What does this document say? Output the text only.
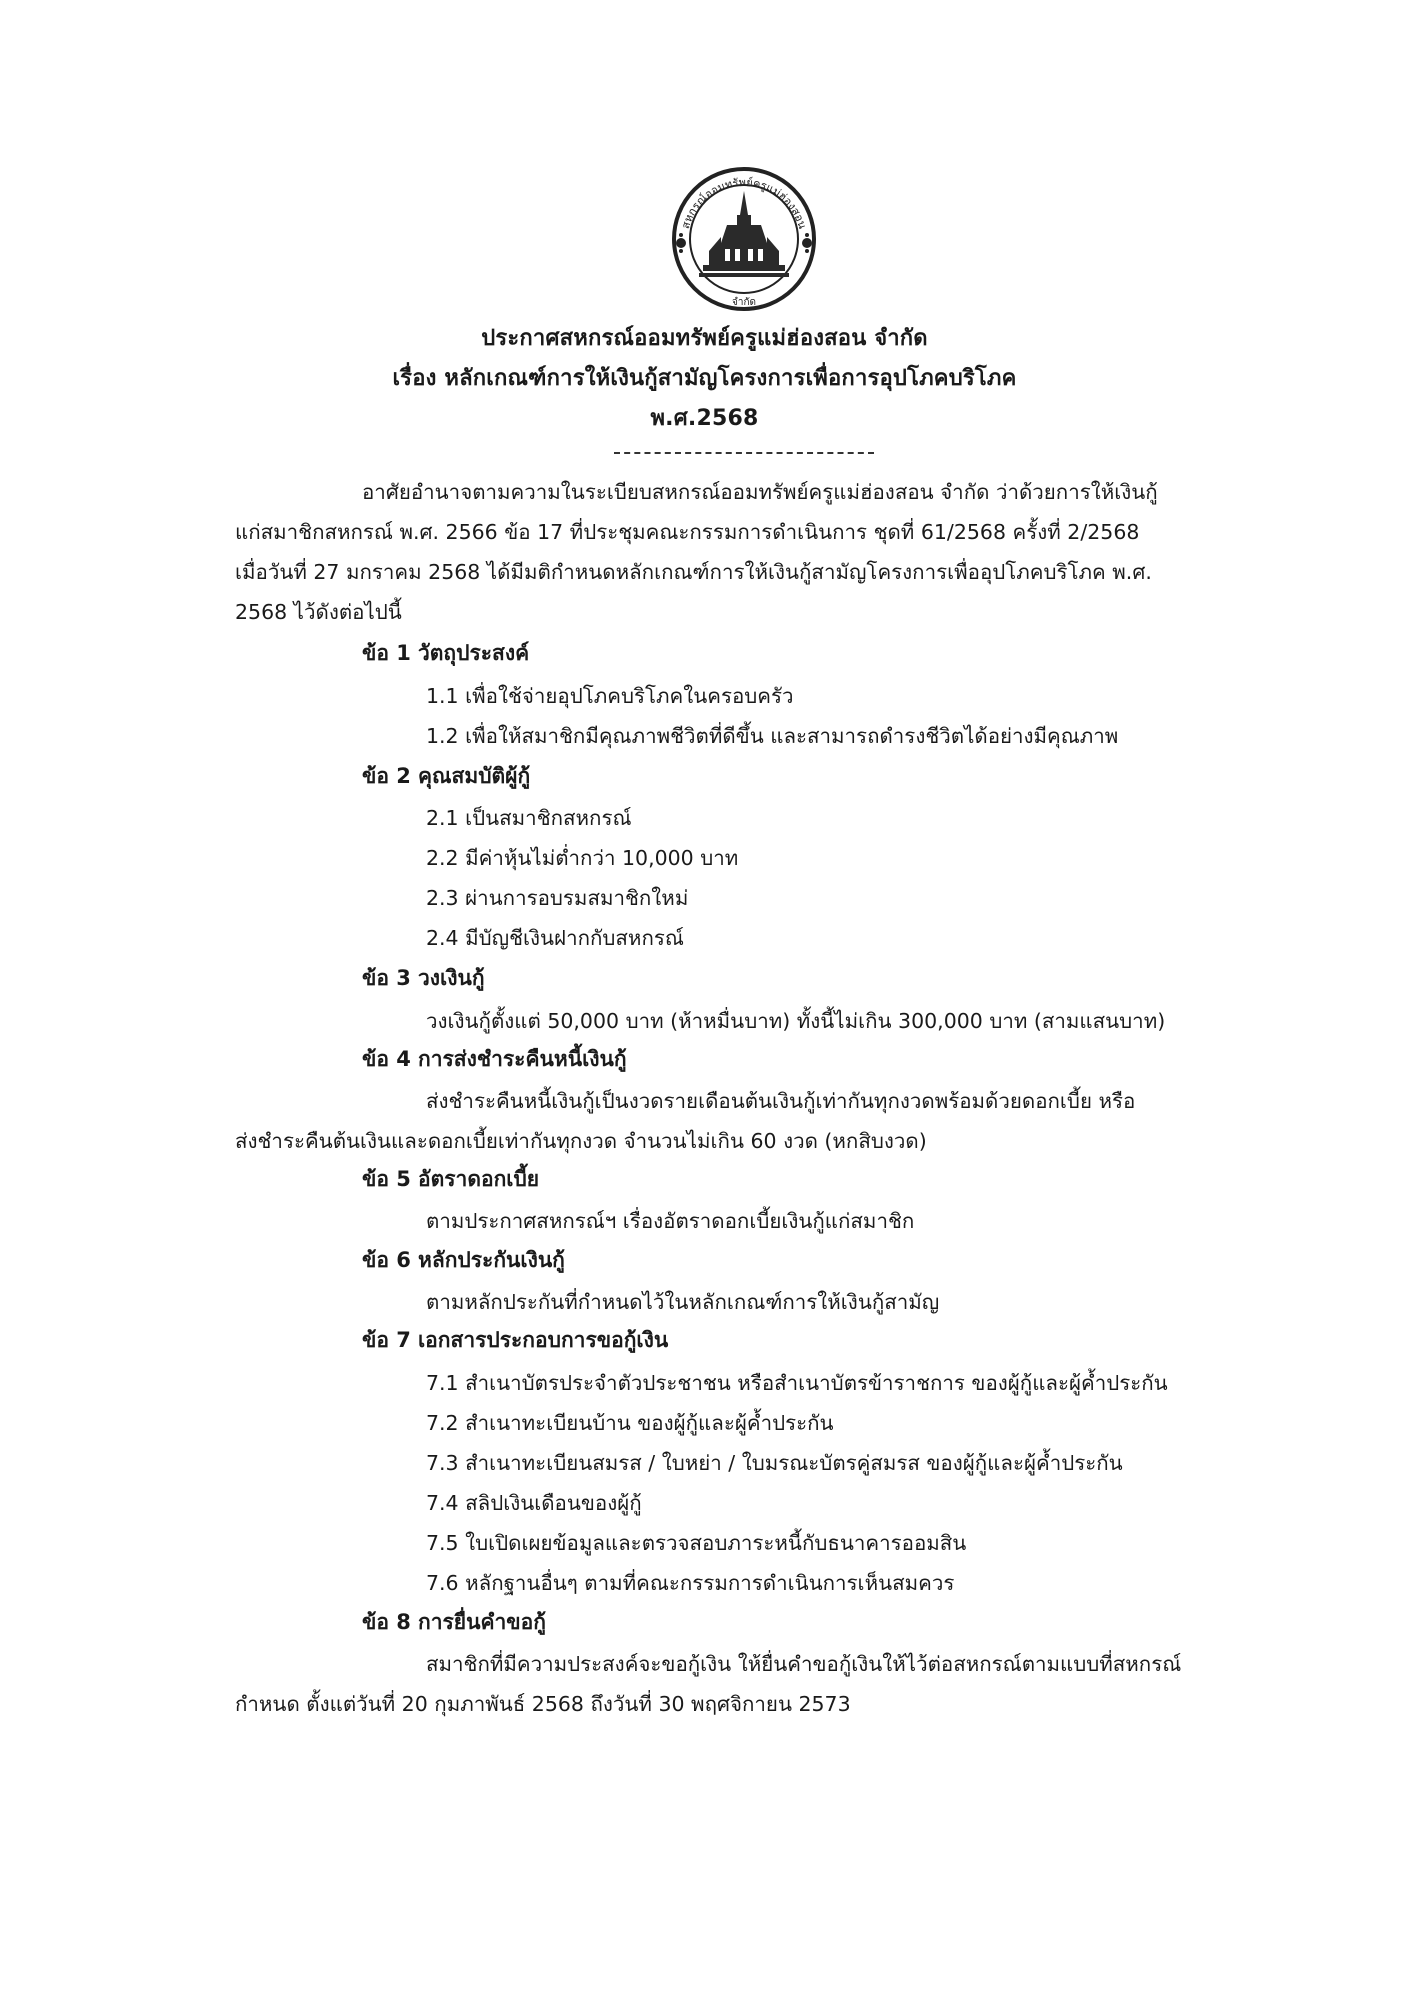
สหกรณ์ออมทรัพย์ครูแม่ฮ่องสอน
จำกัด
ประกาศสหกรณ์ออมทรัพย์ครูแม่ฮ่องสอน จำกัด
เรื่อง หลักเกณฑ์การให้เงินกู้สามัญโครงการเพื่อการอุปโภคบริโภค
พ.ศ.2568
อาศัยอำนาจตามความในระเบียบสหกรณ์ออมทรัพย์ครูแม่ฮ่องสอน จำกัด ว่าด้วยการให้เงินกู้
แก่สมาชิกสหกรณ์ พ.ศ. 2566 ข้อ 17 ที่ประชุมคณะกรรมการดำเนินการ ชุดที่ 61/2568 ครั้งที่ 2/2568
เมื่อวันที่ 27 มกราคม 2568 ได้มีมติกำหนดหลักเกณฑ์การให้เงินกู้สามัญโครงการเพื่ออุปโภคบริโภค พ.ศ.
2568 ไว้ดังต่อไปนี้
ข้อ 1 วัตถุประสงค์
1.1 เพื่อใช้จ่ายอุปโภคบริโภคในครอบครัว
1.2 เพื่อให้สมาชิกมีคุณภาพชีวิตที่ดีขึ้น และสามารถดำรงชีวิตได้อย่างมีคุณภาพ
ข้อ 2 คุณสมบัติผู้กู้
2.1 เป็นสมาชิกสหกรณ์
2.2 มีค่าหุ้นไม่ต่ำกว่า 10,000 บาท
2.3 ผ่านการอบรมสมาชิกใหม่
2.4 มีบัญชีเงินฝากกับสหกรณ์
ข้อ 3 วงเงินกู้
วงเงินกู้ตั้งแต่ 50,000 บาท (ห้าหมื่นบาท) ทั้งนี้ไม่เกิน 300,000 บาท (สามแสนบาท)
ข้อ 4 การส่งชำระคืนหนี้เงินกู้
ส่งชำระคืนหนี้เงินกู้เป็นงวดรายเดือนต้นเงินกู้เท่ากันทุกงวดพร้อมด้วยดอกเบี้ย หรือ
ส่งชำระคืนต้นเงินและดอกเบี้ยเท่ากันทุกงวด จำนวนไม่เกิน 60 งวด (หกสิบงวด)
ข้อ 5 อัตราดอกเบี้ย
ตามประกาศสหกรณ์ฯ เรื่องอัตราดอกเบี้ยเงินกู้แก่สมาชิก
ข้อ 6 หลักประกันเงินกู้
ตามหลักประกันที่กำหนดไว้ในหลักเกณฑ์การให้เงินกู้สามัญ
ข้อ 7 เอกสารประกอบการขอกู้เงิน
7.1 สำเนาบัตรประจำตัวประชาชน หรือสำเนาบัตรข้าราชการ ของผู้กู้และผู้ค้ำประกัน
7.2 สำเนาทะเบียนบ้าน ของผู้กู้และผู้ค้ำประกัน
7.3 สำเนาทะเบียนสมรส / ใบหย่า / ใบมรณะบัตรคู่สมรส ของผู้กู้และผู้ค้ำประกัน
7.4 สลิปเงินเดือนของผู้กู้
7.5 ใบเปิดเผยข้อมูลและตรวจสอบภาระหนี้กับธนาคารออมสิน
7.6 หลักฐานอื่นๆ ตามที่คณะกรรมการดำเนินการเห็นสมควร
ข้อ 8 การยื่นคำขอกู้
สมาชิกที่มีความประสงค์จะขอกู้เงิน ให้ยื่นคำขอกู้เงินให้ไว้ต่อสหกรณ์ตามแบบที่สหกรณ์
กำหนด ตั้งแต่วันที่ 20 กุมภาพันธ์ 2568 ถึงวันที่ 30 พฤศจิกายน 2573
